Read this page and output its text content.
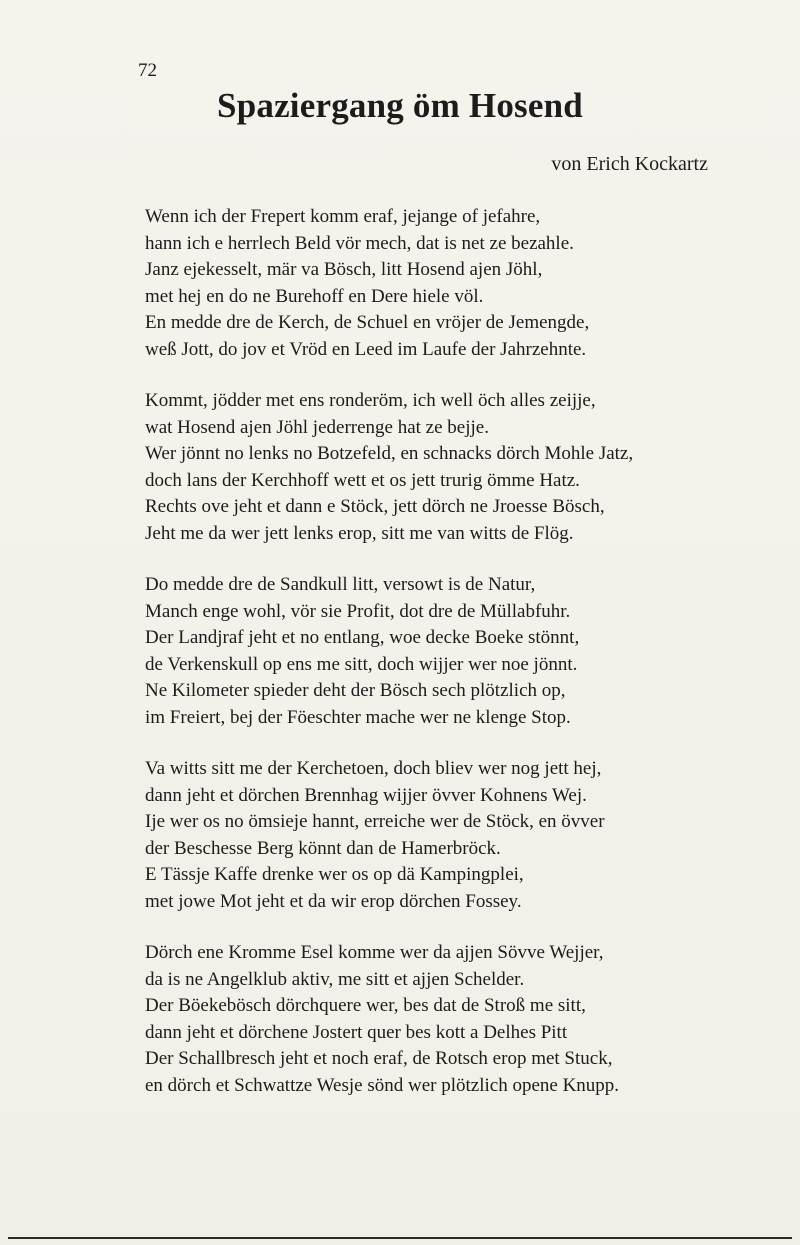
72
Spaziergang öm Hosend
von Erich Kockartz
Wenn ich der Frepert komm eraf, jejange of jefahre,
hann ich e herrlech Beld vör mech, dat is net ze bezahle.
Janz ejekesselt, mär va Bösch, litt Hosend ajen Jöhl,
met hej en do ne Burehoff en Dere hiele völ.
En medde dre de Kerch, de Schuel en vröjer de Jemengde,
weß Jott, do jov et Vröd en Leed im Laufe der Jahrzehnte.
Kommt, jödder met ens ronderöm, ich well öch alles zeijje,
wat Hosend ajen Jöhl jederrenge hat ze bejje.
Wer jönnt no lenks no Botzefeld, en schnacks dörch Mohle Jatz,
doch lans der Kerchhoff wett et os jett trurig ömme Hatz.
Rechts ove jeht et dann e Stöck, jett dörch ne Jroesse Bösch,
Jeht me da wer jett lenks erop, sitt me van witts de Flög.
Do medde dre de Sandkull litt, versowt is de Natur,
Manch enge wohl, vör sie Profit, dot dre de Müllabfuhr.
Der Landjraf jeht et no entlang, woe decke Boeke stönnt,
de Verkenskull op ens me sitt, doch wijjer wer noe jönnt.
Ne Kilometer spieder deht der Bösch sech plötzlich op,
im Freiert, bej der Föeschter mache wer ne klenge Stop.
Va witts sitt me der Kerchetoen, doch bliev wer nog jett hej,
dann jeht et dörchen Brennhag wijjer övver Kohnens Wej.
Ije wer os no ömsieje hannt, erreiche wer de Stöck, en övver
der Beschesse Berg könnt dan de Hamerbröck.
E Tässje Kaffe drenke wer os op dä Kampingplei,
met jowe Mot jeht et da wir erop dörchen Fossey.
Dörch ene Kromme Esel komme wer da ajjen Sövve Wejjer,
da is ne Angelklub aktiv, me sitt et ajjen Schelder.
Der Böekebösch dörchquere wer, bes dat de Stroß me sitt,
dann jeht et dörchene Jostert quer bes kott a Delhes Pitt
Der Schallbresch jeht et noch eraf, de Rotsch erop met Stuck,
en dörch et Schwattze Wesje sönd wer plötzlich opene Knupp.
